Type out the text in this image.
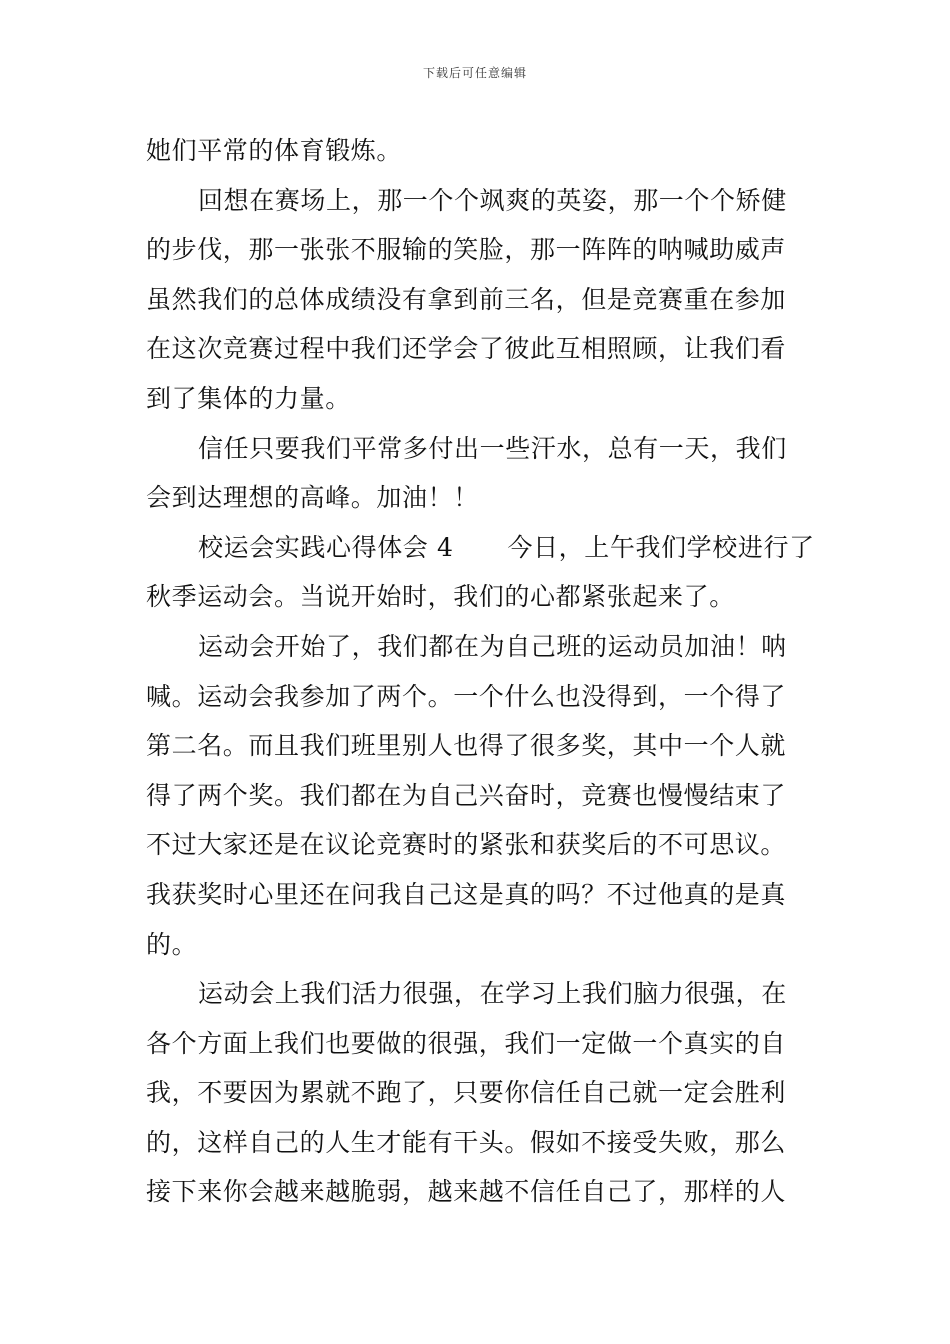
下载后可任意编辑
她们平常的体育锻炼。
回想在赛场上，那一个个飒爽的英姿，那一个个矫健
的步伐，那一张张不服输的笑脸，那一阵阵的呐喊助威声
虽然我们的总体成绩没有拿到前三名，但是竞赛重在参加
在这次竞赛过程中我们还学会了彼此互相照顾，让我们看
到了集体的力量。
信任只要我们平常多付出一些汗水，总有一天，我们
会到达理想的高峰。加油！！
校运会实践心得体会 4 今日，上午我们学校进行了
秋季运动会。当说开始时，我们的心都紧张起来了。
运动会开始了，我们都在为自己班的运动员加油！呐
喊。运动会我参加了两个。一个什么也没得到，一个得了
第二名。而且我们班里别人也得了很多奖，其中一个人就
得了两个奖。我们都在为自己兴奋时，竞赛也慢慢结束了
不过大家还是在议论竞赛时的紧张和获奖后的不可思议。
我获奖时心里还在问我自己这是真的吗？不过他真的是真
的。
运动会上我们活力很强，在学习上我们脑力很强，在
各个方面上我们也要做的很强，我们一定做一个真实的自
我，不要因为累就不跑了，只要你信任自己就一定会胜利
的，这样自己的人生才能有干头。假如不接受失败，那么
接下来你会越来越脆弱，越来越不信任自己了，那样的人
